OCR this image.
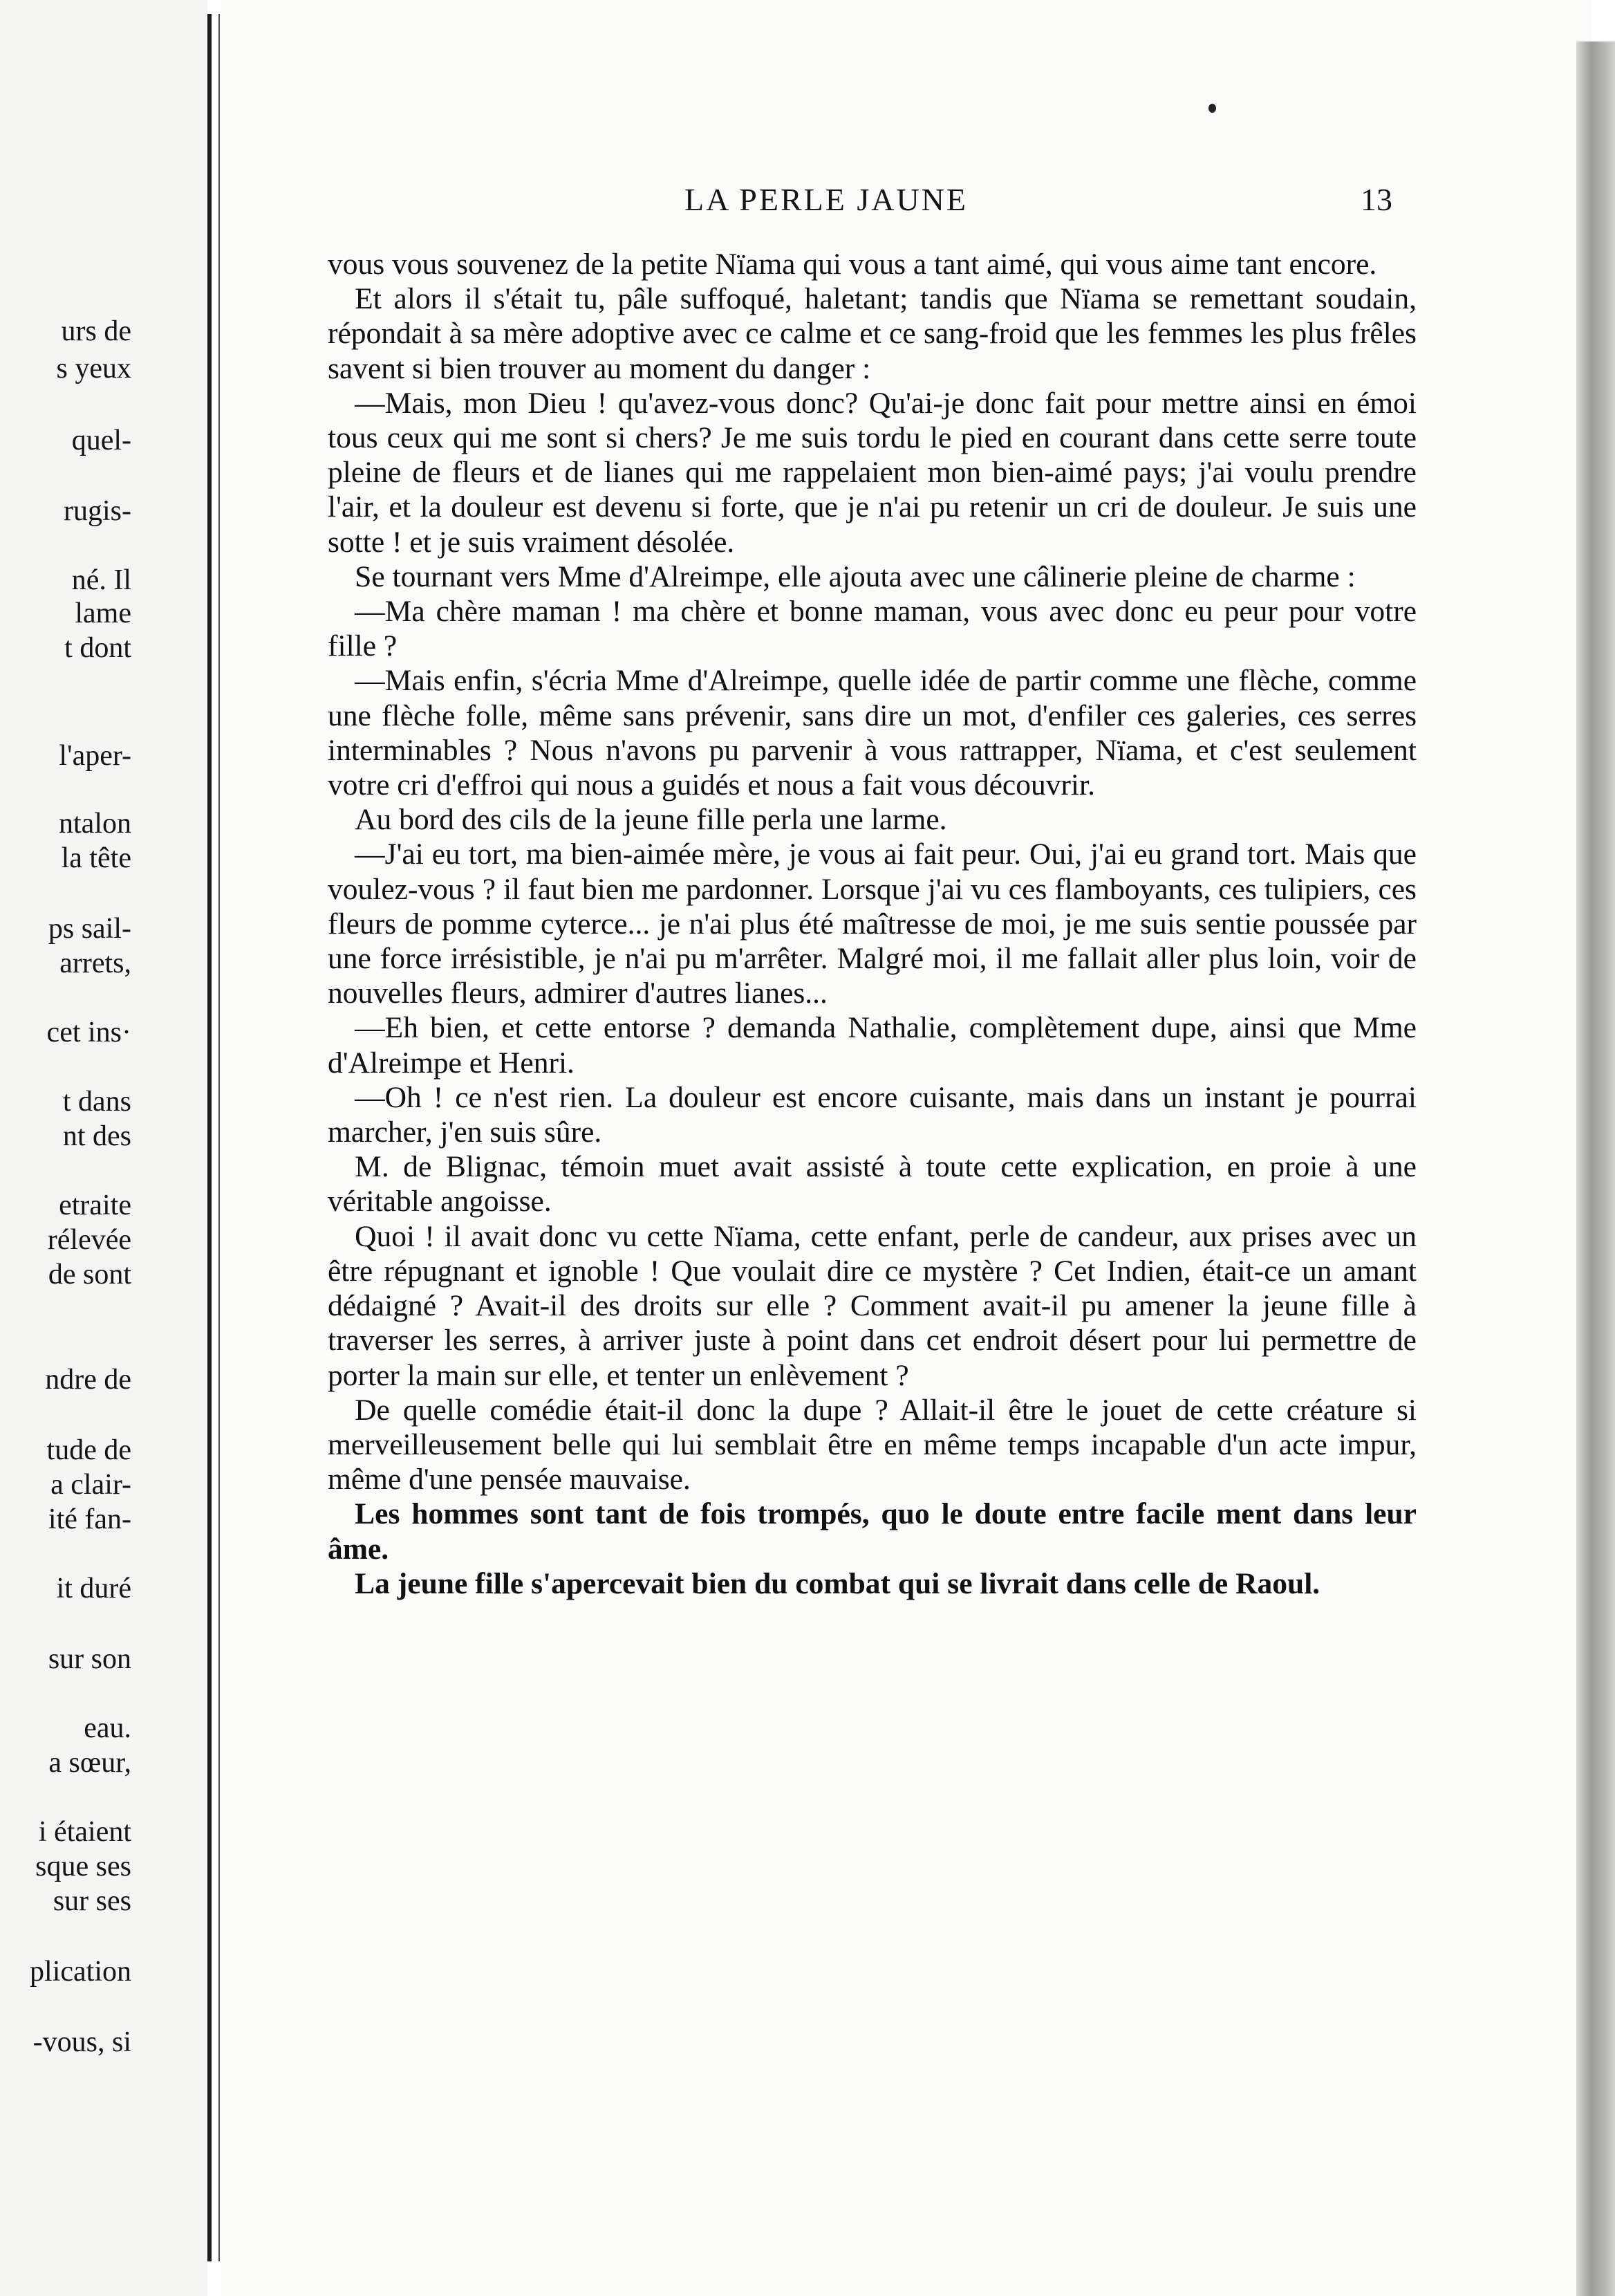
urs de
s yeux
quel-
rugis-
né. Il
lame
t dont
l'aper-
ntalon
la tête
ps sail-
arrets,
cet ins·
t dans
nt des
etraite
rélevée
de sont
ndre de
tude de
a clair-
ité fan-
it duré
sur son
eau.
a sœur,
i étaient
sque ses
sur ses
plication
-vous, si
LA PERLE JAUNE	13

vous vous souvenez de la petite Nïama qui vous a tant aimé, qui vous aime tant encore.

Et alors il s'était tu, pâle suffoqué, haletant; tandis que Nïama se remettant soudain, répondait à sa mère adoptive avec ce calme et ce sang-froid que les femmes les plus frêles savent si bien trouver au moment du danger :

—Mais, mon Dieu ! qu'avez-vous donc? Qu'ai-je donc fait pour mettre ainsi en émoi tous ceux qui me sont si chers? Je me suis tordu le pied en courant dans cette serre toute pleine de fleurs et de lianes qui me rappelaient mon bien-aimé pays; j'ai voulu prendre l'air, et la douleur est devenu si forte, que je n'ai pu retenir un cri de douleur. Je suis une sotte ! et je suis vraiment désolée.

Se tournant vers Mme d'Alreimpe, elle ajouta avec une câlinerie pleine de charme :

—Ma chère maman ! ma chère et bonne maman, vous avec donc eu peur pour votre fille ?

—Mais enfin, s'écria Mme d'Alreimpe, quelle idée de partir comme une flèche, comme une flèche folle, même sans prévenir, sans dire un mot, d'enfiler ces galeries, ces serres interminables ? Nous n'avons pu parvenir à vous rattrapper, Nïama, et c'est seulement votre cri d'effroi qui nous a guidés et nous a fait vous découvrir.

Au bord des cils de la jeune fille perla une larme.

—J'ai eu tort, ma bien-aimée mère, je vous ai fait peur. Oui, j'ai eu grand tort. Mais que voulez-vous ? il faut bien me pardonner. Lorsque j'ai vu ces flamboyants, ces tulipiers, ces fleurs de pomme cyterce... je n'ai plus été maîtresse de moi, je me suis sentie poussée par une force irrésistible, je n'ai pu m'arrêter. Malgré moi, il me fallait aller plus loin, voir de nouvelles fleurs, admirer d'autres lianes...

—Eh bien, et cette entorse ? demanda Nathalie, complètement dupe, ainsi que Mme d'Alreimpe et Henri.

—Oh ! ce n'est rien. La douleur est encore cuisante, mais dans un instant je pourrai marcher, j'en suis sûre.

M. de Blignac, témoin muet avait assisté à toute cette explication, en proie à une véritable angoisse.

Quoi ! il avait donc vu cette Nïama, cette enfant, perle de candeur, aux prises avec un être répugnant et ignoble ! Que voulait dire ce mystère ? Cet Indien, était-ce un amant dédaigné ? Avait-il des droits sur elle ? Comment avait-il pu amener la jeune fille à traverser les serres, à arriver juste à point dans cet endroit désert pour lui permettre de porter la main sur elle, et tenter un enlèvement ?

De quelle comédie était-il donc la dupe ? Allait-il être le jouet de cette créature si merveilleusement belle qui lui semblait être en même temps incapable d'un acte impur, même d'une pensée mauvaise.

Les hommes sont tant de fois trompés, quo le doute entre facile ment dans leur âme.

La jeune fille s'apercevait bien du combat qui se livrait dans celle de Raoul.
